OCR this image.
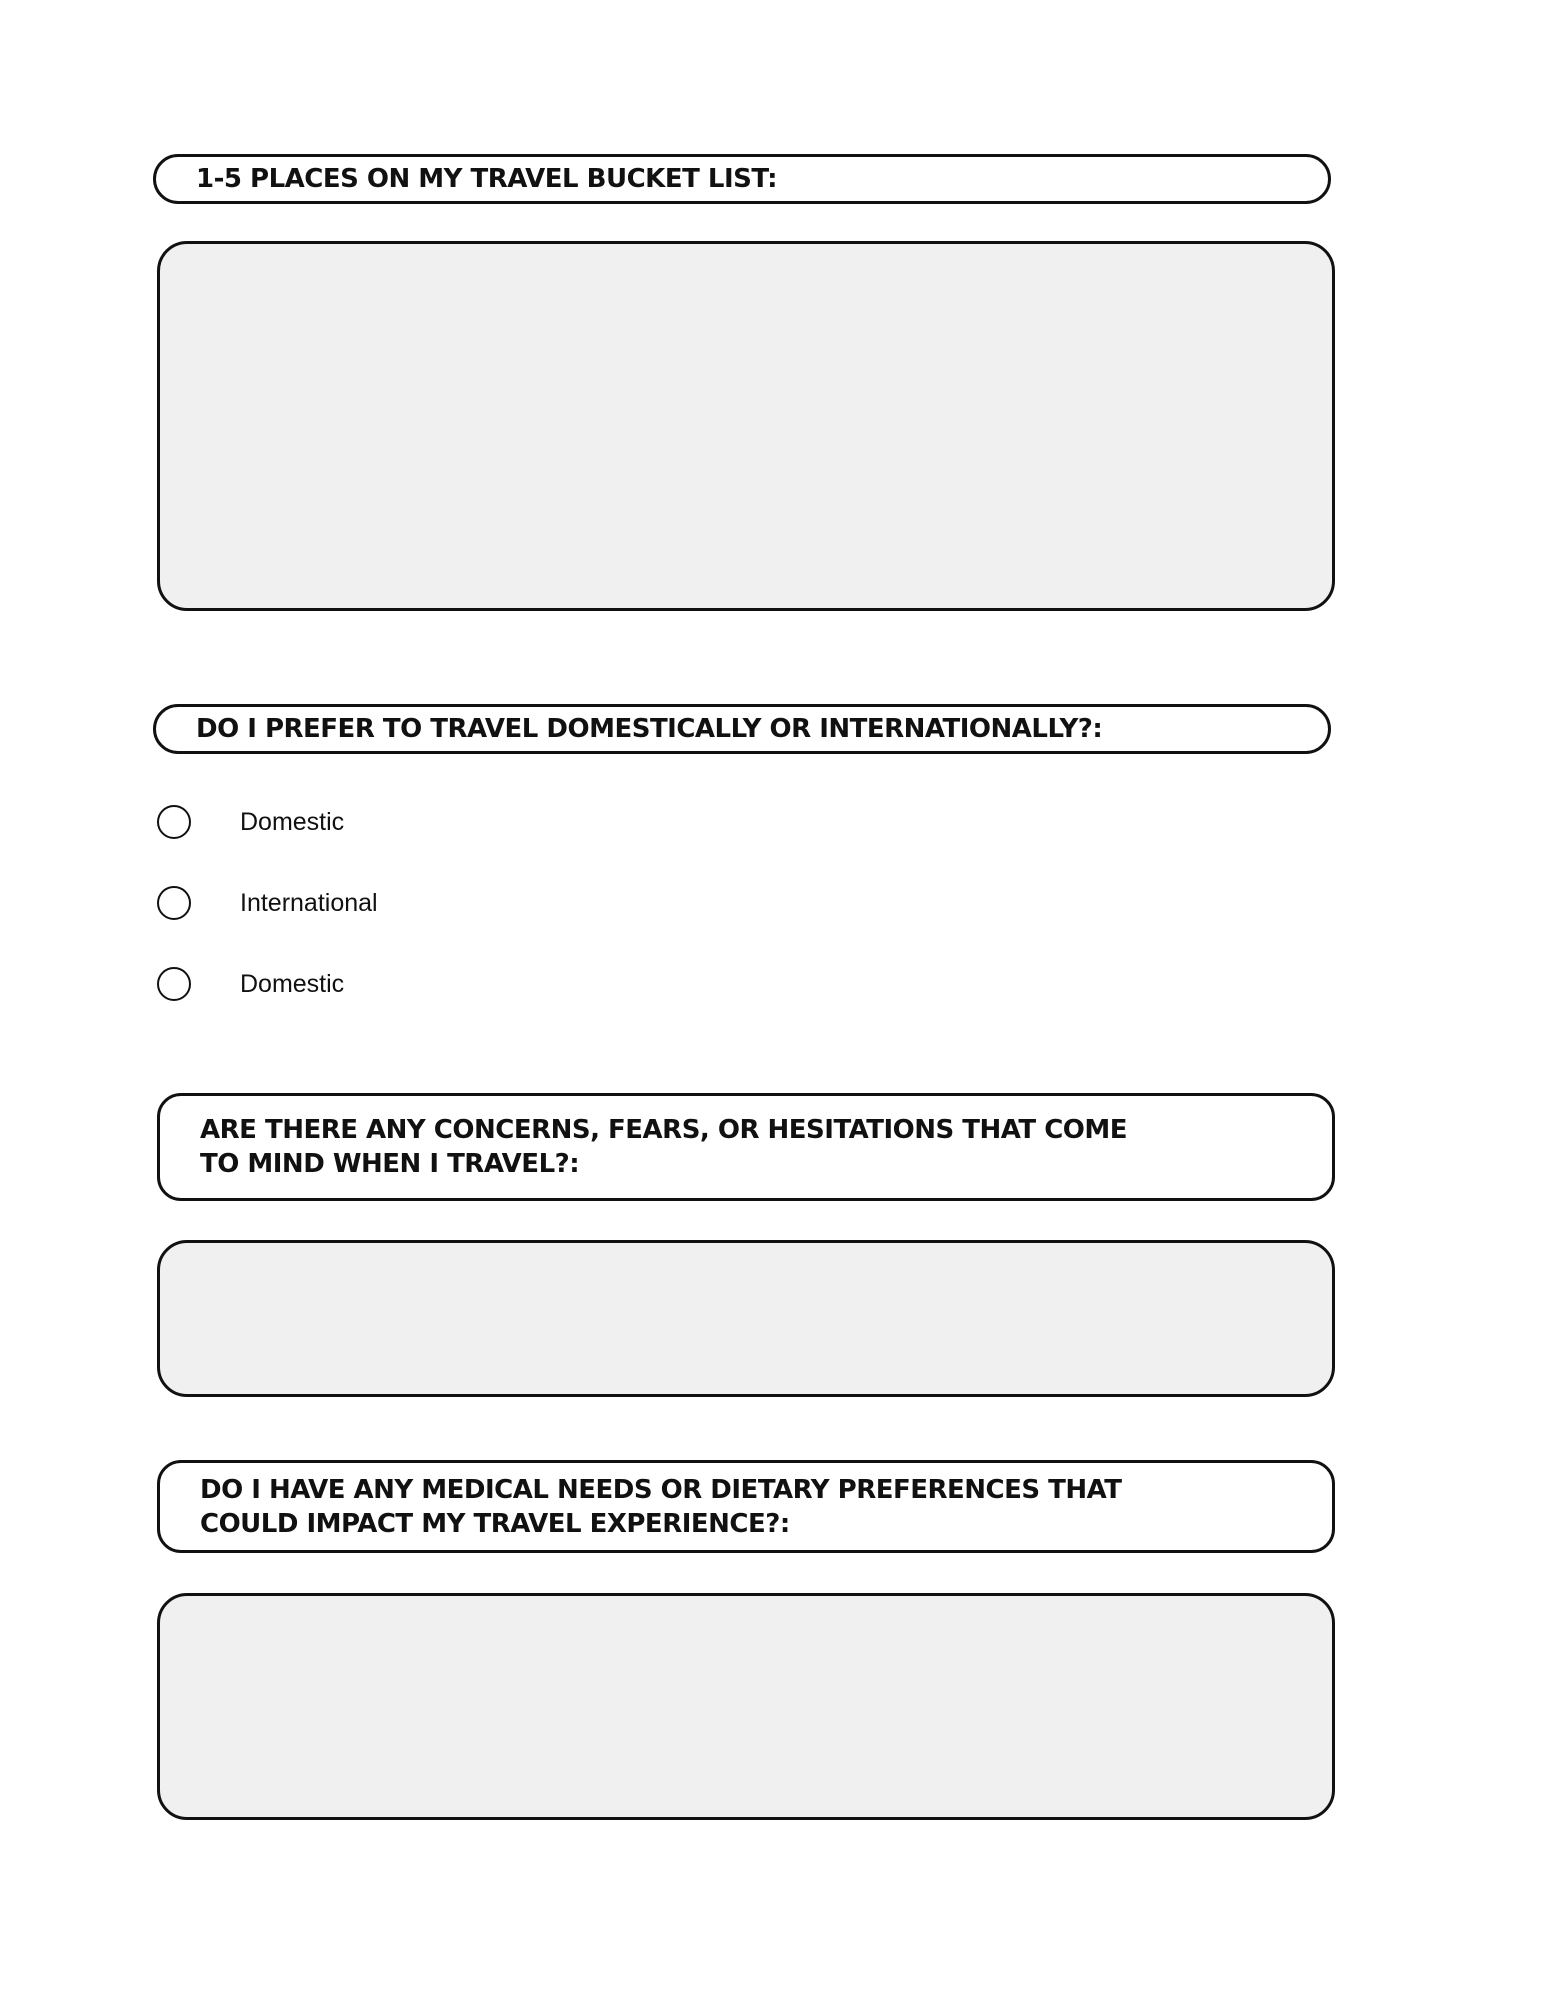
1-5 PLACES ON MY TRAVEL BUCKET LIST:
DO I PREFER TO TRAVEL DOMESTICALLY OR INTERNATIONALLY?:
Domestic
International
Domestic
ARE THERE ANY CONCERNS, FEARS, OR HESITATIONS THAT COME
TO MIND WHEN I TRAVEL?:
DO I HAVE ANY MEDICAL NEEDS OR DIETARY PREFERENCES THAT
COULD IMPACT MY TRAVEL EXPERIENCE?:
